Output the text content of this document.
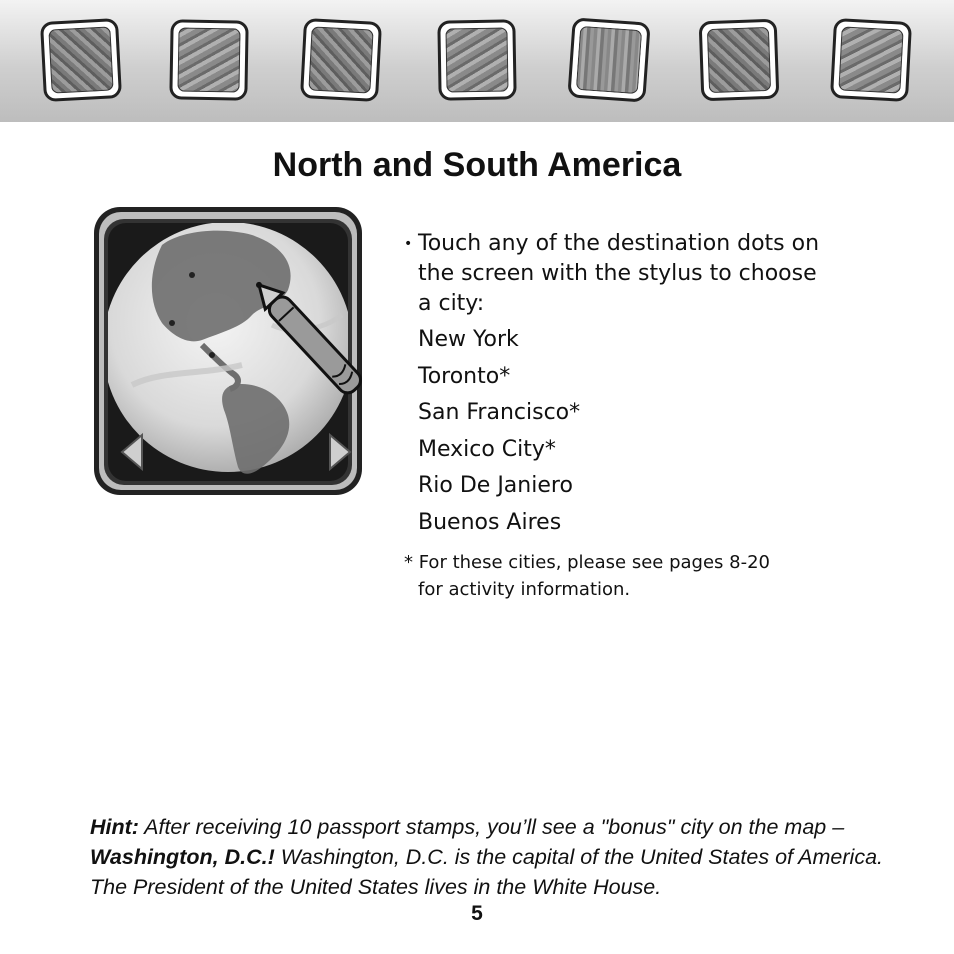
North and South America
• Touch any of the destination dots on
the screen with the stylus to choose
a city:
New York
Toronto*
San Francisco*
Mexico City*
Rio De Janiero
Buenos Aires
* For these cities, please see pages 8-20
for activity information.
Hint: After receiving 10 passport stamps, you’ll see a "bonus" city on the map – Washington, D.C.! Washington, D.C. is the capital of the United States of America. The President of the United States lives in the White House.
5
